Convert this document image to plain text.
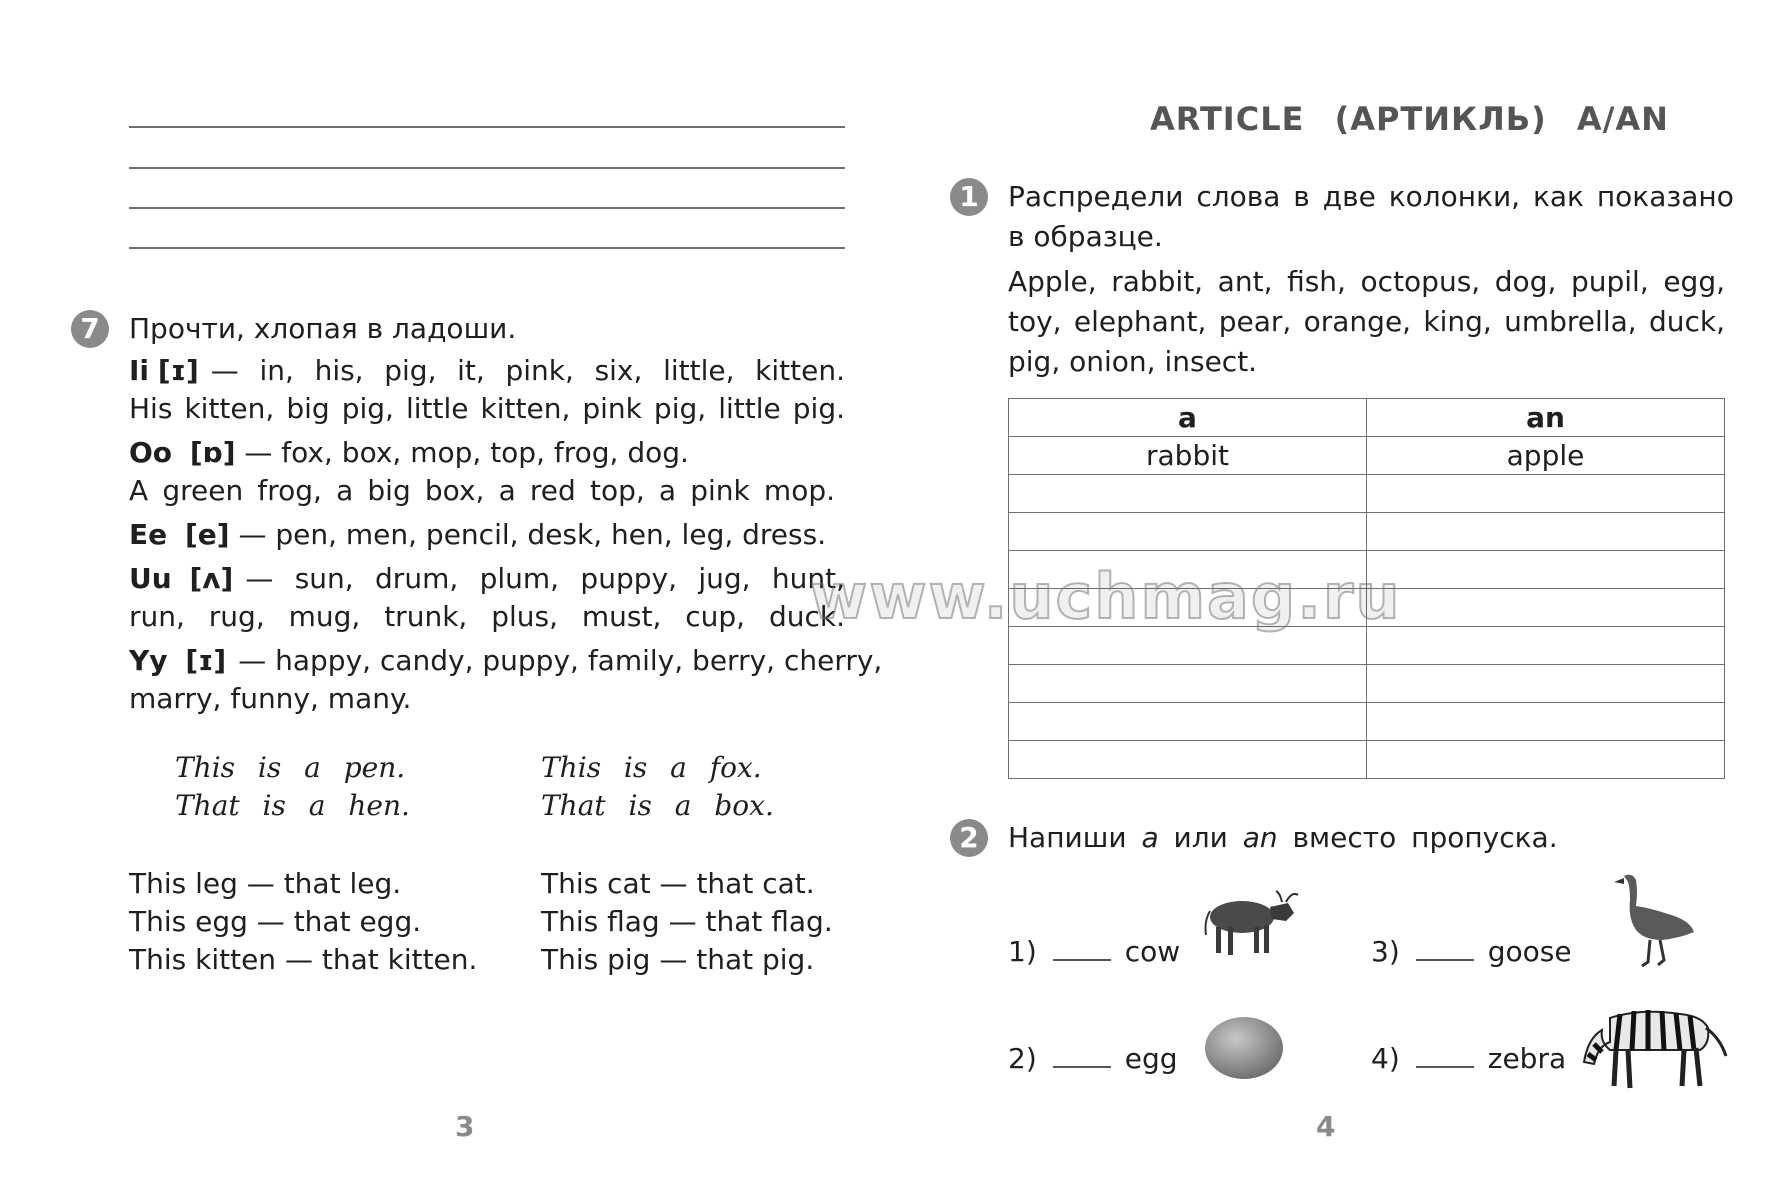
7	Прочти, хлопая в ладоши.
Ii [ɪ] — in, his, pig, it, pink, six, little, kitten.
His kitten, big pig, little kitten, pink pig, little pig.
Oo [ɒ] — fox, box, mop, top, frog, dog.
A green frog, a big box, a red top, a pink mop.
Ee [e] — pen, men, pencil, desk, hen, leg, dress.
Uu [ʌ] — sun, drum, plum, puppy, jug, hunt,
run, rug, mug, trunk, plus, must, cup, duck.
Yy [ɪ] — happy, candy, puppy, family, berry, cherry,
marry, funny, many.
This is a pen.
That is a hen.
This is a fox.
That is a box.
This leg — that leg.
This egg — that egg.
This kitten — that kitten.
This cat — that cat.
This flag — that flag.
This pig — that pig.
3
ARTICLE (АРТИКЛЬ) A/AN
1	Распредели слова в две колонки, как показано
в образце.
Apple, rabbit, ant, fish, octopus, dog, pupil, egg,
toy, elephant, pear, orange, king, umbrella, duck,
pig, onion, insect.
a	an
rabbit	apple

2	Напиши a или an вместо пропуска.
1)	cow
2)	egg
3)	goose
4)	zebra
4
www.uchmag.ru
